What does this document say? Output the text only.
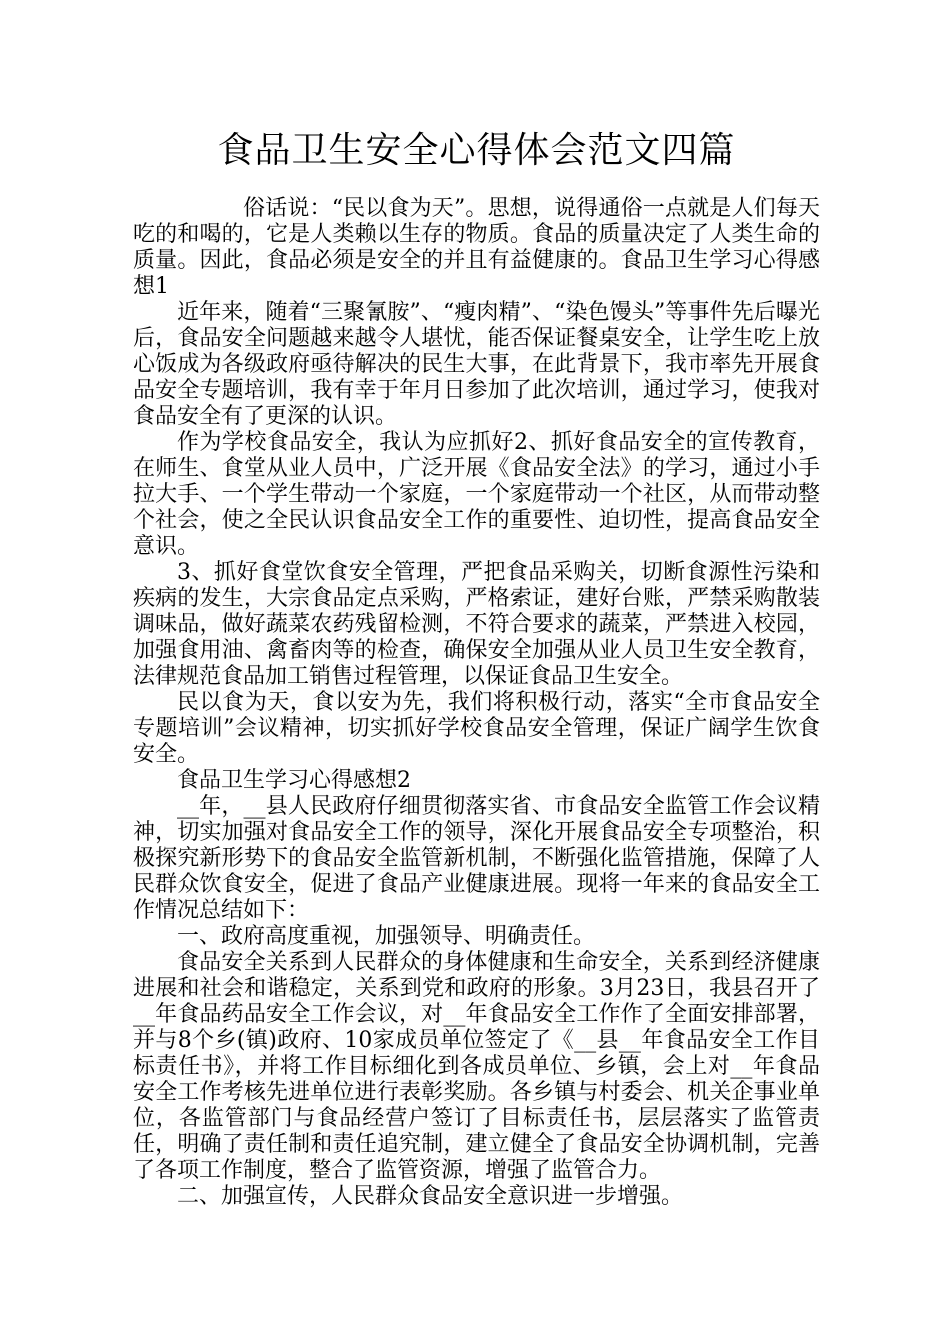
食品卫生安全心得体会范文四篇

俗话说：“民以食为天”。思想，说得通俗一点就是人们每天吃的和喝的，它是人类赖以生存的物质。食品的质量决定了人类生命的质量。因此，食品必须是安全的并且有益健康的。食品卫生学习心得感想1

近年来，随着“三聚氰胺”、“瘦肉精”、“染色馒头”等事件先后曝光后，食品安全问题越来越令人堪忧，能否保证餐桌安全，让学生吃上放心饭成为各级政府亟待解决的民生大事，在此背景下，我市率先开展食品安全专题培训，我有幸于年月日参加了此次培训，通过学习，使我对食品安全有了更深的认识。

作为学校食品安全，我认为应抓好2、抓好食品安全的宣传教育，在师生、食堂从业人员中，广泛开展《食品安全法》的学习，通过小手拉大手、一个学生带动一个家庭，一个家庭带动一个社区，从而带动整个社会，使之全民认识食品安全工作的重要性、迫切性，提高食品安全意识。

3、抓好食堂饮食安全管理，严把食品采购关，切断食源性污染和疾病的发生，大宗食品定点采购，严格索证，建好台账，严禁采购散装调味品，做好蔬菜农药残留检测，不符合要求的蔬菜，严禁进入校园，加强食用油、禽畜肉等的检查，确保安全加强从业人员卫生安全教育，法律规范食品加工销售过程管理，以保证食品卫生安全。

民以食为天，食以安为先，我们将积极行动，落实“全市食品安全专题培训”会议精神，切实抓好学校食品安全管理，保证广阔学生饮食安全。

食品卫生学习心得感想2

__年，__县人民政府仔细贯彻落实省、市食品安全监管工作会议精神，切实加强对食品安全工作的领导，深化开展食品安全专项整治，积极探究新形势下的食品安全监管新机制，不断强化监管措施，保障了人民群众饮食安全，促进了食品产业健康进展。现将一年来的食品安全工作情况总结如下：

一、政府高度重视，加强领导、明确责任。

食品安全关系到人民群众的身体健康和生命安全，关系到经济健康进展和社会和谐稳定，关系到党和政府的形象。3月23日，我县召开了__年食品药品安全工作会议，对__年食品安全工作作了全面安排部署，并与8个乡(镇)政府、10家成员单位签定了《__县__年食品安全工作目标责任书》，并将工作目标细化到各成员单位、乡镇，会上对__年食品安全工作考核先进单位进行表彰奖励。各乡镇与村委会、机关企事业单位，各监管部门与食品经营户签订了目标责任书，层层落实了监管责任，明确了责任制和责任追究制，建立健全了食品安全协调机制，完善了各项工作制度，整合了监管资源，增强了监管合力。

二、加强宣传，人民群众食品安全意识进一步增强。
